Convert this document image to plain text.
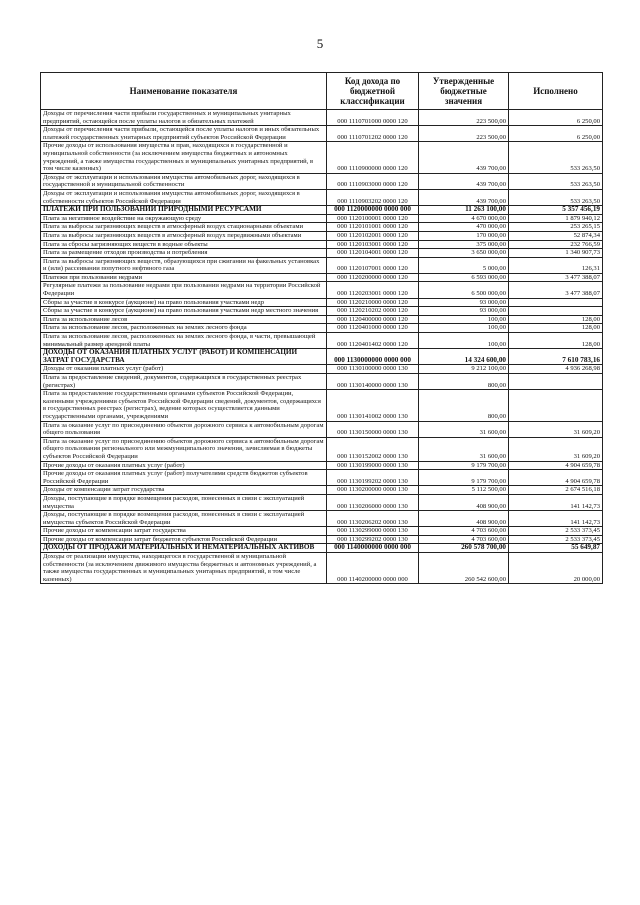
5
Наименование показателя	Код дохода по бюджетной классификации	Утвержденные бюджетные значения	Исполнено
Доходы от перечисления части прибыли государственных и муниципальных унитарных предприятий, остающейся после уплаты налогов и обязательных платежей	000 1110701000 0000 120	223 500,00	6 250,00
Доходы от перечисления части прибыли, остающейся после уплаты налогов и иных обязательных платежей государственных унитарных предприятий субъектов Российской Федерации	000 1110701202 0000 120	223 500,00	6 250,00
Прочие доходы от использования имущества и прав, находящихся в государственной и муниципальной собственности (за исключением имущества бюджетных и автономных учреждений, а также имущества государственных и муниципальных унитарных предприятий, в том числе казенных)	000 1110900000 0000 120	439 700,00	533 263,50
Доходы от эксплуатации и использования имущества автомобильных дорог, находящихся в государственной и муниципальной собственности	000 1110903000 0000 120	439 700,00	533 263,50
Доходы от эксплуатации и использования имущества автомобильных дорог, находящихся в собственности субъектов Российской Федерации	000 1110903202 0000 120	439 700,00	533 263,50
ПЛАТЕЖИ ПРИ ПОЛЬЗОВАНИИ ПРИРОДНЫМИ РЕСУРСАМИ	000 1120000000 0000 000	11 263 100,00	5 357 456,19
Плата за негативное воздействие на окружающую среду	000 1120100001 0000 120	4 670 000,00	1 879 940,12
Плата за выбросы загрязняющих веществ в атмосферный воздух стационарными объектами	000 1120101001 0000 120	470 000,00	253 265,15
Плата за выбросы загрязняющих веществ в атмосферный воздух передвижными объектами	000 1120102001 0000 120	170 000,00	52 874,34
Плата за сбросы загрязняющих веществ в водные объекты	000 1120103001 0000 120	375 000,00	232 766,59
Плата за размещение отходов производства и потребления	000 1120104001 0000 120	3 650 000,00	1 340 907,73
Плата за выбросы загрязняющих веществ, образующихся при сжигании на факельных установках и (или) рассеивании попутного нефтяного газа	000 1120107001 0000 120	5 000,00	126,31
Платежи при пользовании недрами	000 1120200000 0000 120	6 593 000,00	3 477 388,07
Регулярные платежи за пользование недрами при пользовании недрами на территории Российской Федерации	000 1120203001 0000 120	6 500 000,00	3 477 388,07
Сборы за участие в конкурсе (аукционе) на право пользования участками недр	000 1120210000 0000 120	93 000,00	
Сборы за участие в конкурсе (аукционе) на право пользования участками недр местного значения	000 1120210202 0000 120	93 000,00	
Плата за использование лесов	000 1120400000 0000 120	100,00	128,00
Плата за использование лесов, расположенных на землях лесного фонда	000 1120401000 0000 120	100,00	128,00
Плата за использование лесов, расположенных на землях лесного фонда, в части, превышающей минимальный размер арендной платы	000 1120401402 0000 120	100,00	128,00
ДОХОДЫ ОТ ОКАЗАНИЯ ПЛАТНЫХ УСЛУГ (РАБОТ) И КОМПЕНСАЦИИ ЗАТРАТ ГОСУДАРСТВА	000 1130000000 0000 000	14 324 600,00	7 610 783,16
Доходы от оказания платных услуг (работ)	000 1130100000 0000 130	9 212 100,00	4 936 268,98
Плата за предоставление сведений, документов, содержащихся в государственных реестрах (регистрах)	000 1130140000 0000 130	800,00	
Плата за предоставление государственными органами субъектов Российской Федерации, казенными учреждениями субъектов Российской Федерации сведений, документов, содержащихся в государственных реестрах (регистрах), ведение которых осуществляется данными государственными органами, учреждениями	000 1130141002 0000 130	800,00	
Плата за оказание услуг по присоединению объектов дорожного сервиса к автомобильным дорогам общего пользования	000 1130150000 0000 130	31 600,00	31 609,20
Плата за оказание услуг по присоединению объектов дорожного сервиса к автомобильным дорогам общего пользования регионального или межмуниципального значения, зачисляемая в бюджеты субъектов Российской Федерации	000 1130152002 0000 130	31 600,00	31 609,20
Прочие доходы от оказания платных услуг (работ)	000 1130199000 0000 130	9 179 700,00	4 904 659,78
Прочие доходы от оказания платных услуг (работ) получателями средств бюджетов субъектов Российской Федерации	000 1130199202 0000 130	9 179 700,00	4 904 659,78
Доходы от компенсации затрат государства	000 1130200000 0000 130	5 112 500,00	2 674 516,18
Доходы, поступающие в порядке возмещения расходов, понесенных в связи с эксплуатацией имущества	000 1130206000 0000 130	408 900,00	141 142,73
Доходы, поступающие в порядке возмещения расходов, понесенных в связи с эксплуатацией имущества субъектов Российской Федерации	000 1130206202 0000 130	408 900,00	141 142,73
Прочие доходы от компенсации затрат государства	000 1130299000 0000 130	4 703 600,00	2 533 373,45
Прочие доходы от компенсации затрат бюджетов субъектов Российской Федерации	000 1130299202 0000 130	4 703 600,00	2 533 373,45
ДОХОДЫ ОТ ПРОДАЖИ МАТЕРИАЛЬНЫХ И НЕМАТЕРИАЛЬНЫХ АКТИВОВ	000 1140000000 0000 000	260 578 700,00	55 649,87
Доходы от реализации имущества, находящегося в государственной и муниципальной собственности (за исключением движимого имущества бюджетных и автономных учреждений, а также имущества государственных и муниципальных унитарных предприятий, в том числе казенных)	000 1140200000 0000 000	260 542 600,00	20 000,00
